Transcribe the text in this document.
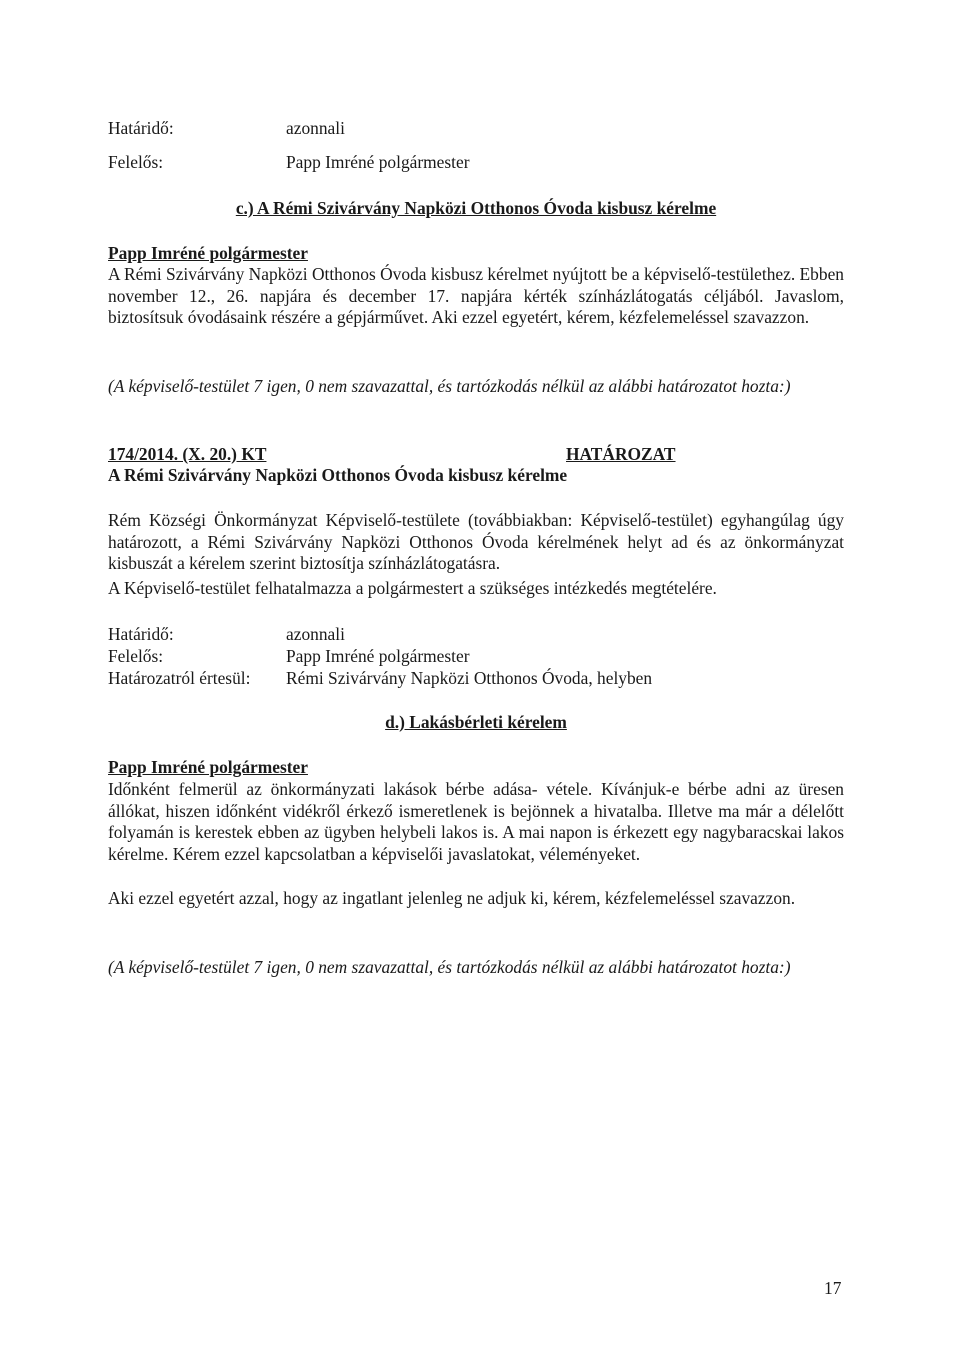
Határidő:	azonnali
Felelős:	Papp Imréné polgármester
c.) A Rémi Szivárvány Napközi Otthonos Óvoda kisbusz kérelme
Papp Imréné polgármester
A Rémi Szivárvány Napközi Otthonos Óvoda kisbusz kérelmet nyújtott be a képviselő-testülethez. Ebben november 12., 26. napjára és december 17. napjára kérték színházlátogatás céljából. Javaslom, biztosítsuk óvodásaink részére a gépjárművet. Aki ezzel egyetért, kérem, kézfelemeléssel szavazzon.
(A képviselő-testület 7 igen, 0 nem szavazattal, és tartózkodás nélkül az alábbi határozatot hozta:)
174/2014. (X. 20.) KT	HATÁROZAT
A Rémi Szivárvány Napközi Otthonos Óvoda kisbusz kérelme
Rém Községi Önkormányzat Képviselő-testülete (továbbiakban: Képviselő-testület) egyhangúlag úgy határozott, a Rémi Szivárvány Napközi Otthonos Óvoda kérelmének helyt ad és az önkormányzat kisbuszát a kérelem szerint biztosítja színházlátogatásra.
A Képviselő-testület felhatalmazza a polgármestert a szükséges intézkedés megtételére.
Határidő:	azonnali
Felelős:	Papp Imréné polgármester
Határozatról értesül: Rémi Szivárvány Napközi Otthonos Óvoda, helyben
d.) Lakásbérleti kérelem
Papp Imréné polgármester
Időnként felmerül az önkormányzati lakások bérbe adása- vétele. Kívánjuk-e bérbe adni az üresen állókat, hiszen időnként vidékről érkező ismeretlenek is bejönnek a hivatalba. Illetve ma már a délelőtt folyamán is kerestek ebben az ügyben helybeli lakos is. A mai napon is érkezett egy nagybaracskai lakos kérelme. Kérem ezzel kapcsolatban a képviselői javaslatokat, véleményeket.
Aki ezzel egyetért azzal, hogy az ingatlant jelenleg ne adjuk ki, kérem, kézfelemeléssel szavazzon.
(A képviselő-testület 7 igen, 0 nem szavazattal, és tartózkodás nélkül az alábbi határozatot hozta:)
17
